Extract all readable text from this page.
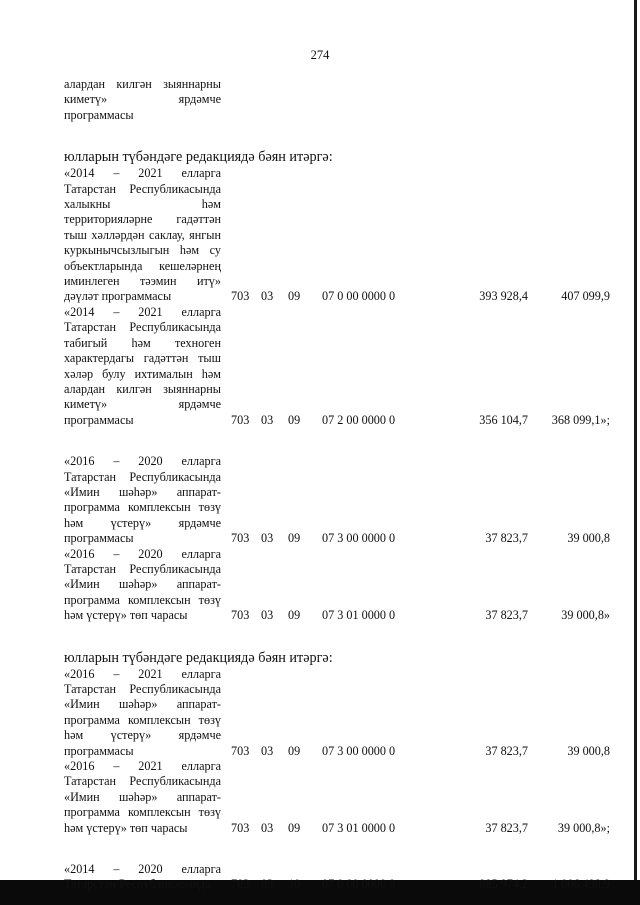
274
алардан килгән зыяннарны киметү» ярдәмче программасы

юлларын түбәндәге редакциядә бәян итәргә:

«2014 – 2021 елларга Татарстан Республикасында халыкны һәм территорияләрне гадәттән тыш хәлләрдән саклау, янгын куркынычсызлыгын һәм су объектларында кешеләрнең иминлеген тәэмин итү» дәүләт программасы	703 03	09	07 0 00 0000 0	393 928,4	407 099,9
«2014 – 2021 елларга Татарстан Республикасында табигый һәм техноген характердагы гадәттән тыш хәләр булу ихтималын һәм алардан килгән зыяннарны киметү» ярдәмче программасы	703 03	09	07 2 00 0000 0	356 104,7	368 099,1»;
«2016 – 2020 елларга Татарстан Республикасында «Имин шәһәр» аппарат-программа комплексын төзү һәм үстерү» ярдәмче программасы	703 03	09	07 3 00 0000 0	37 823,7	39 000,8
«2016 – 2020 елларга Татарстан Республикасында «Имин шәһәр» аппарат-программа комплексын төзү һәм үстерү» төп чарасы	703 03	09	07 3 01 0000 0	37 823,7	39 000,8»

юлларын түбәндәге редакциядә бәян итәргә:

«2016 – 2021 елларга Татарстан Республикасында «Имин шәһәр» аппарат-программа комплексын төзү һәм үстерү» ярдәмче программасы	703 03	09	07 3 00 0000 0	37 823,7	39 000,8
«2016 – 2021 елларга Татарстан Республикасында «Имин шәһәр» аппарат-программа комплексын төзү һәм үстерү» төп чарасы	703 03	09	07 3 01 0000 0	37 823,7	39 000,8»;
«2014 – 2020 елларга Татарстан Республикасында	703 03	10	07 0 00 0000 0	985 974,2	1 006 498,9
